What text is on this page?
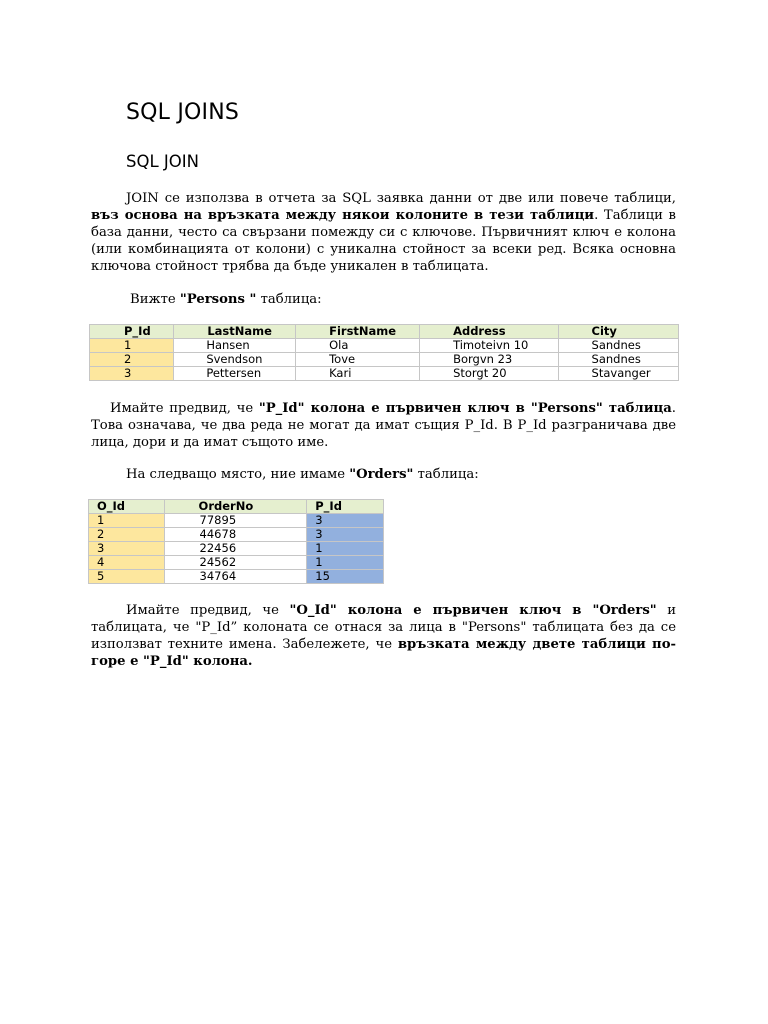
SQL JOINS
SQL JOIN

JOIN се използва в отчета за SQL заявка данни от две или повече таблици, въз основа на връзката между някои колоните в тези таблици. Таблици в база данни, често са свързани помежду си с ключове. Първичният ключ е колона (или комбинацията от колони) с уникална стойност за всеки ред. Всяка основна ключова стойност трябва да бъде уникален в таблицата.

Вижте "Persons " таблица:

P_Id	LastName	FirstName	Address	City
1	Hansen	Ola	Timoteivn 10	Sandnes
2	Svendson	Tove	Borgvn 23	Sandnes
3	Pettersen	Kari	Storgt 20	Stavanger

Имайте предвид, че "P_Id" колона е първичен ключ в "Persons" таблица. Това означава, че два реда не могат да имат същия P_Id. В P_Id разграничава две лица, дори и да имат същото име.

На следващо място, ние имаме "Orders" таблица:

O_Id	OrderNo	P_Id
1	77895	3
2	44678	3
3	22456	1
4	24562	1
5	34764	15

Имайте предвид, че "O_Id" колона е първичен ключ в "Orders" и таблицата, че "P_Id” колоната се отнася за лица в "Persons" таблицата без да се използват техните имена. Забележете, че връзката между двете таблици по-горе е "P_Id" колона.
